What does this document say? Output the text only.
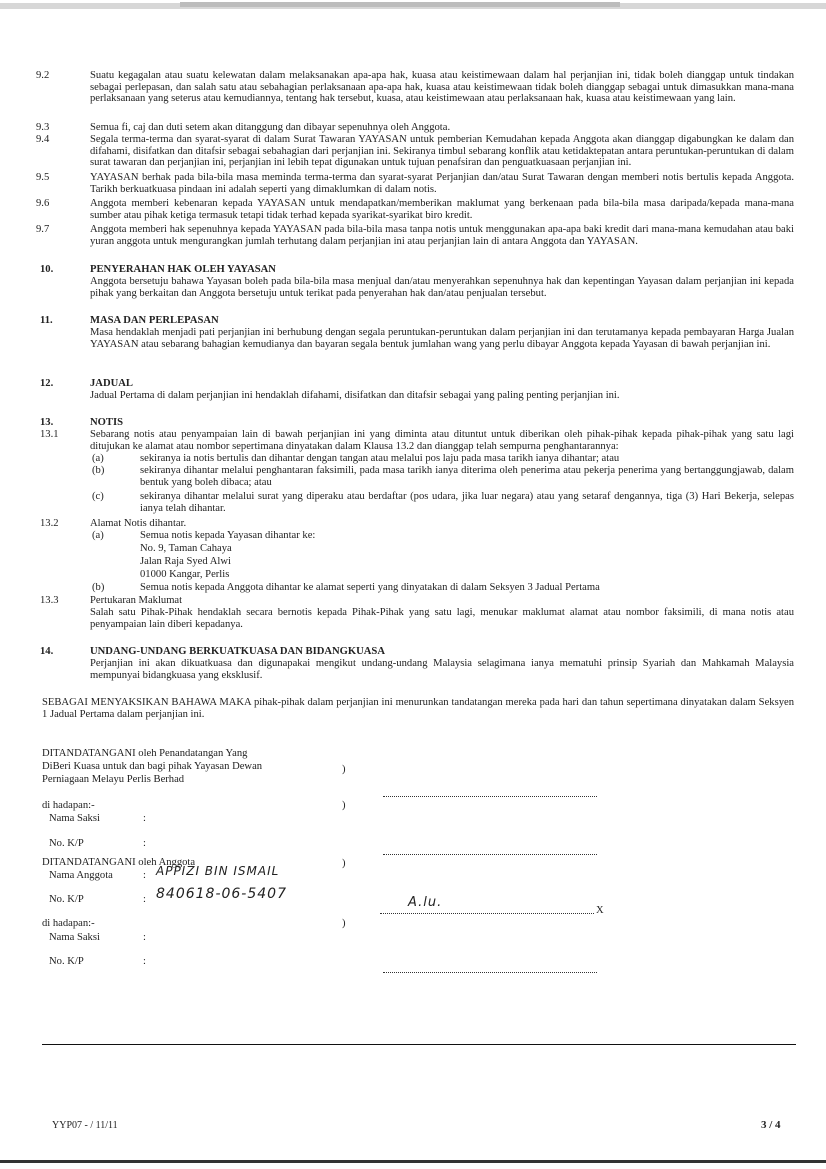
9.2	Suatu kegagalan atau suatu kelewatan dalam melaksanakan apa-apa hak, kuasa atau keistimewaan dalam hal perjanjian ini, tidak boleh dianggap untuk tindakan sebagai perlepasan, dan salah satu atau sebahagian perlaksanaan apa-apa hak, kuasa atau keistimewaan tidak boleh dianggap sebagai untuk dimasukkan mana-mana perlaksanaan yang seterus atau kemudiannya, tentang hak tersebut, kuasa, atau keistimewaan atau perlaksanaan hak, kuasa atau keistimewaan yang lain.
9.3	Semua fi, caj dan duti setem akan ditanggung dan dibayar sepenuhnya oleh Anggota.
9.4	Segala terma-terma dan syarat-syarat di dalam Surat Tawaran YAYASAN untuk pemberian Kemudahan kepada Anggota akan dianggap digabungkan ke dalam dan difahami, disifatkan dan ditafsir sebagai sebahagian dari perjanjian ini. Sekiranya timbul sebarang konflik atau ketidaktepatan antara peruntukan-peruntukan di dalam surat tawaran dan perjanjian ini, perjanjian ini lebih tepat digunakan untuk tujuan penafsiran dan penguatkuasaan perjanjian ini.
9.5	YAYASAN berhak pada bila-bila masa meminda terma-terma dan syarat-syarat Perjanjian dan/atau Surat Tawaran dengan memberi notis bertulis kepada Anggota. Tarikh berkuatkuasa pindaan ini adalah seperti yang dimaklumkan di dalam notis.
9.6	Anggota memberi kebenaran kepada YAYASAN untuk mendapatkan/memberikan maklumat yang berkenaan pada bila-bila masa daripada/kepada mana-mana sumber atau pihak ketiga termasuk tetapi tidak terhad kepada syarikat-syarikat biro kredit.
9.7	Anggota memberi hak sepenuhnya kepada YAYASAN pada bila-bila masa tanpa notis untuk menggunakan apa-apa baki kredit dari mana-mana kemudahan atau baki yuran anggota untuk mengurangkan jumlah terhutang dalam perjanjian ini atau perjanjian lain di antara Anggota dan YAYASAN.
10.	PENYERAHAN HAK OLEH YAYASAN
Anggota bersetuju bahawa Yayasan boleh pada bila-bila masa menjual dan/atau menyerahkan sepenuhnya hak dan kepentingan Yayasan dalam perjanjian ini kepada pihak yang berkaitan dan Anggota bersetuju untuk terikat pada penyerahan hak dan/atau penjualan tersebut.
11.	MASA DAN PERLEPASAN
Masa hendaklah menjadi pati perjanjian ini berhubung dengan segala peruntukan-peruntukan dalam perjanjian ini dan terutamanya kepada pembayaran Harga Jualan YAYASAN atau sebarang bahagian kemudianya dan bayaran segala bentuk jumlahan wang yang perlu dibayar Anggota kepada Yayasan di bawah perjanjian ini.
12.	JADUAL
Jadual Pertama di dalam perjanjian ini hendaklah difahami, disifatkan dan ditafsir sebagai yang paling penting perjanjian ini.
13.	NOTIS
13.1	Sebarang notis atau penyampaian lain di bawah perjanjian ini yang diminta atau dituntut untuk diberikan oleh pihak-pihak kepada pihak-pihak yang satu lagi ditujukan ke alamat atau nombor sepertimana dinyatakan dalam Klausa 13.2 dan dianggap telah sempurna penghantarannya:
(a)	sekiranya ia notis bertulis dan dihantar dengan tangan atau melalui pos laju pada masa tarikh ianya dihantar; atau
(b)	sekiranya dihantar melalui penghantaran faksimili, pada masa tarikh ianya diterima oleh penerima atau pekerja penerima yang bertanggungjawab, dalam bentuk yang boleh dibaca; atau
(c)	sekiranya dihantar melalui surat yang diperaku atau berdaftar (pos udara, jika luar negara) atau yang setaraf dengannya, tiga (3) Hari Bekerja, selepas ianya telah dihantar.
13.2	Alamat Notis dihantar.
(a)	Semua notis kepada Yayasan dihantar ke:
No. 9, Taman Cahaya
Jalan Raja Syed Alwi
01000 Kangar, Perlis
(b)	Semua notis kepada Anggota dihantar ke alamat seperti yang dinyatakan di dalam Seksyen 3 Jadual Pertama
13.3	Pertukaran Maklumat
Salah satu Pihak-Pihak hendaklah secara bernotis kepada Pihak-Pihak yang satu lagi, menukar maklumat alamat atau nombor faksimili, di mana notis atau penyampaian lain diberi kepadanya.
14.	UNDANG-UNDANG BERKUATKUASA DAN BIDANGKUASA
Perjanjian ini akan dikuatkuasa dan digunapakai mengikut undang-undang Malaysia selagimana ianya mematuhi prinsip Syariah dan Mahkamah Malaysia mempunyai bidangkuasa yang eksklusif.
SEBAGAI MENYAKSIKAN BAHAWA MAKA pihak-pihak dalam perjanjian ini menurunkan tandatangan mereka pada hari dan tahun sepertimana dinyatakan dalam Seksyen 1 Jadual Pertama dalam perjanjian ini.
DITANDATANGANI oleh Penandatangan Yang
DiBeri Kuasa untuk dan bagi pihak Yayasan Dewan
Perniagaan Melayu Perlis Berhad
)
di hadapan:-	)
Nama Saksi	:
No. K/P	:
DITANDATANGANI oleh Anggota	)
Nama Anggota	: APPIZI BIN ISMAIL
No. K/P	: 840618-06-5407
A.lu.
X
di hadapan:-	)
Nama Saksi	:
No. K/P	:
YYP07 - / 11/11	3 / 4
